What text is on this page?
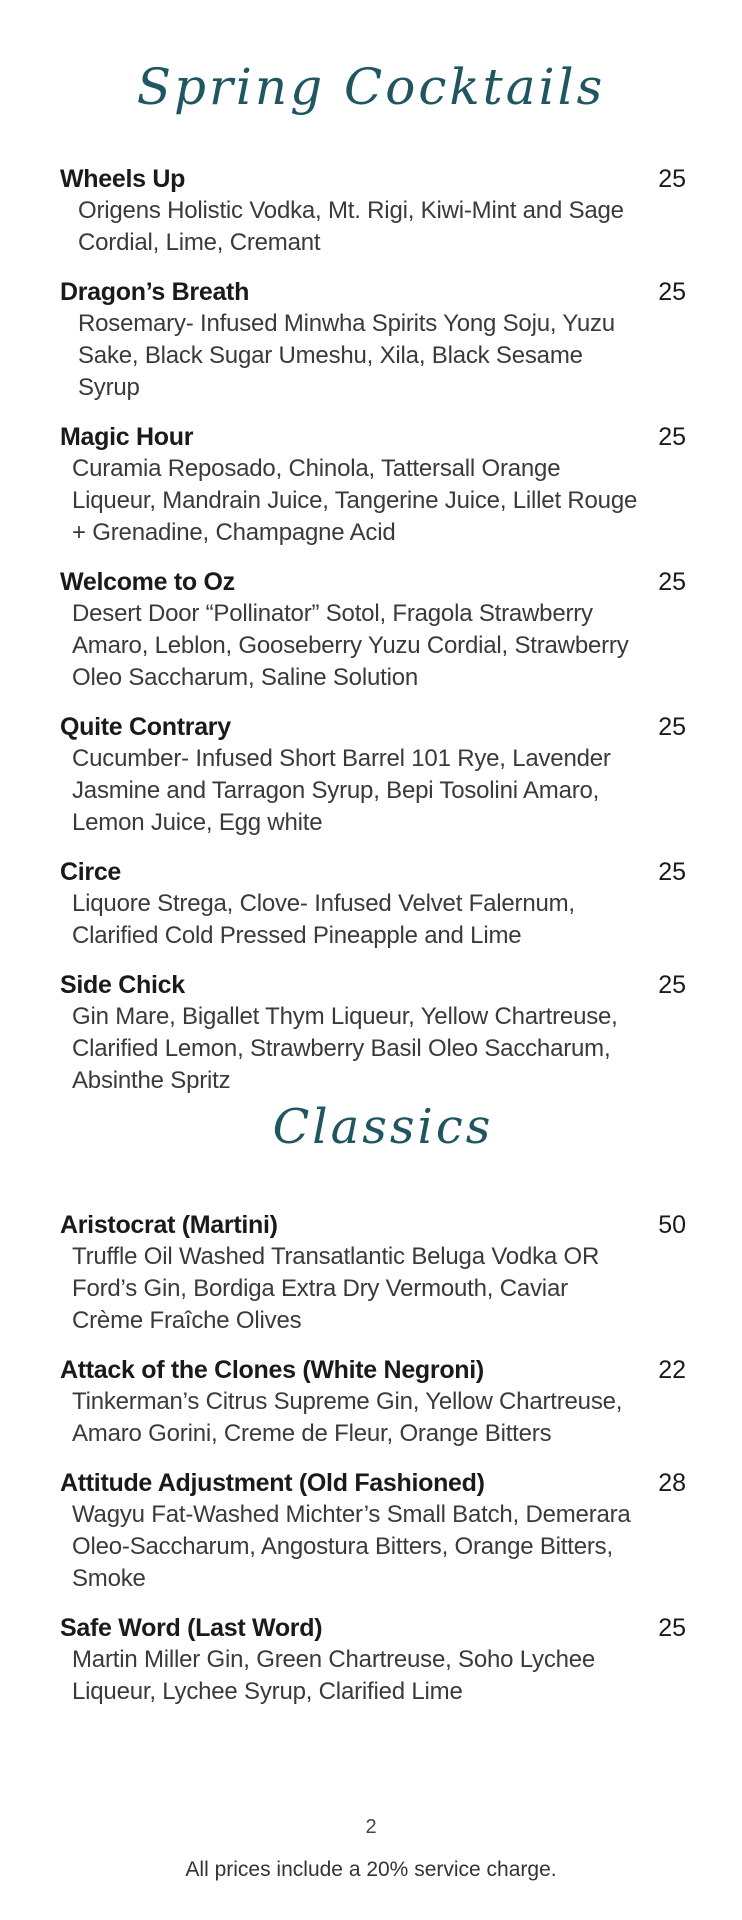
Spring Cocktails

Wheels Up	25

Origens Holistic Vodka, Mt. Rigi, Kiwi-Mint and Sage Cordial, Lime, Cremant

Dragon’s Breath	25

Rosemary- Infused Minwha Spirits Yong Soju, Yuzu Sake, Black Sugar Umeshu, Xila, Black Sesame Syrup

Magic Hour	25

Curamia Reposado, Chinola, Tattersall Orange Liqueur, Mandrain Juice, Tangerine Juice, Lillet Rouge + Grenadine, Champagne Acid

Welcome to Oz	25

Desert Door “Pollinator” Sotol, Fragola Strawberry Amaro, Leblon, Gooseberry Yuzu Cordial, Strawberry Oleo Saccharum, Saline Solution

Quite Contrary	25

Cucumber- Infused Short Barrel 101 Rye, Lavender Jasmine and Tarragon Syrup, Bepi Tosolini Amaro, Lemon Juice, Egg white

Circe	25

Liquore Strega, Clove- Infused Velvet Falernum, Clarified Cold Pressed Pineapple and Lime

Side Chick	25

Gin Mare, Bigallet Thym Liqueur, Yellow Chartreuse, Clarified Lemon, Strawberry Basil Oleo Saccharum, Absinthe Spritz

Classics

Aristocrat (Martini)	50

Truffle Oil Washed Transatlantic Beluga Vodka OR Ford’s Gin, Bordiga Extra Dry Vermouth, Caviar Crème Fraîche Olives

Attack of the Clones (White Negroni)	22

Tinkerman’s Citrus Supreme Gin, Yellow Chartreuse, Amaro Gorini, Creme de Fleur, Orange Bitters

Attitude Adjustment (Old Fashioned)	28

Wagyu Fat-Washed Michter’s Small Batch, Demerara Oleo-Saccharum, Angostura Bitters, Orange Bitters, Smoke

Safe Word (Last Word)	25

Martin Miller Gin, Green Chartreuse, Soho Lychee Liqueur, Lychee Syrup, Clarified Lime

2
All prices include a 20% service charge.
